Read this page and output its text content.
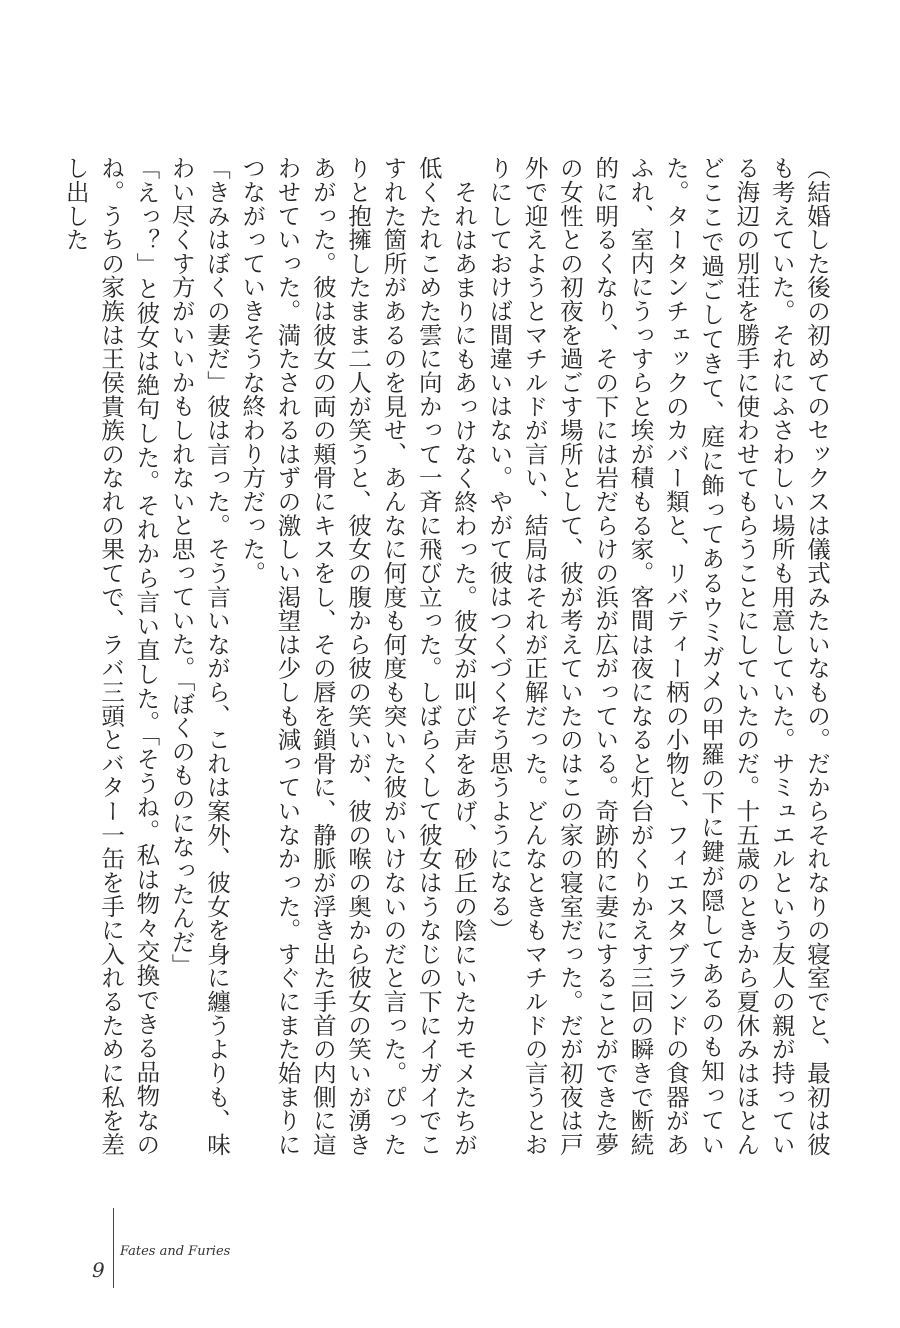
（結婚した後の初めてのセックスは儀式みたいなもの。だからそれなりの寝室でと、最初は彼も考えていた。それにふさわしい場所も用意していた。サミュエルという友人の親が持っている海辺の別荘を勝手に使わせてもらうことにしていたのだ。十五歳のときから夏休みはほとんどここで過ごしてきて、庭に飾ってあるウミガメの甲羅の下に鍵が隠してあるのも知っていた。タータンチェックのカバー類と、リバティー柄の小物と、フィエスタブランドの食器があふれ、室内にうっすらと埃が積もる家。客間は夜になると灯台がくりかえす三回の瞬きで断続的に明るくなり、その下には岩だらけの浜が広がっている。奇跡的に妻にすることができた夢の女性との初夜を過ごす場所として、彼が考えていたのはこの家の寝室だった。だが初夜は戸外で迎えようとマチルドが言い、結局はそれが正解だった。どんなときもマチルドの言うとおりにしておけば間違いはない。やがて彼はつくづくそう思うようになる）

それはあまりにもあっけなく終わった。彼女が叫び声をあげ、砂丘の陰にいたカモメたちが低くたれこめた雲に向かって一斉に飛び立った。しばらくして彼女はうなじの下にイガイでこすれた箇所があるのを見せ、あんなに何度も何度も突いた彼がいけないのだと言った。ぴったりと抱擁したまま二人が笑うと、彼女の腹から彼の笑いが、彼の喉の奥から彼女の笑いが湧きあがった。彼は彼女の両の頬骨にキスをし、その唇を鎖骨に、静脈が浮き出た手首の内側に這わせていった。満たされるはずの激しい渇望は少しも減っていなかった。すぐにまた始まりにつながっていきそうな終わり方だった。

「きみはぼくの妻だ」彼は言った。そう言いながら、これは案外、彼女を身に纏うよりも、味わい尽くす方がいいかもしれないと思っていた。「ぼくのものになったんだ」

「えっ？」と彼女は絶句した。それから言い直した。「そうね。私は物々交換できる品物なのね。うちの家族は王侯貴族のなれの果てで、ラバ三頭とバター一缶を手に入れるために私を差し出した

9
Fates and Furies
